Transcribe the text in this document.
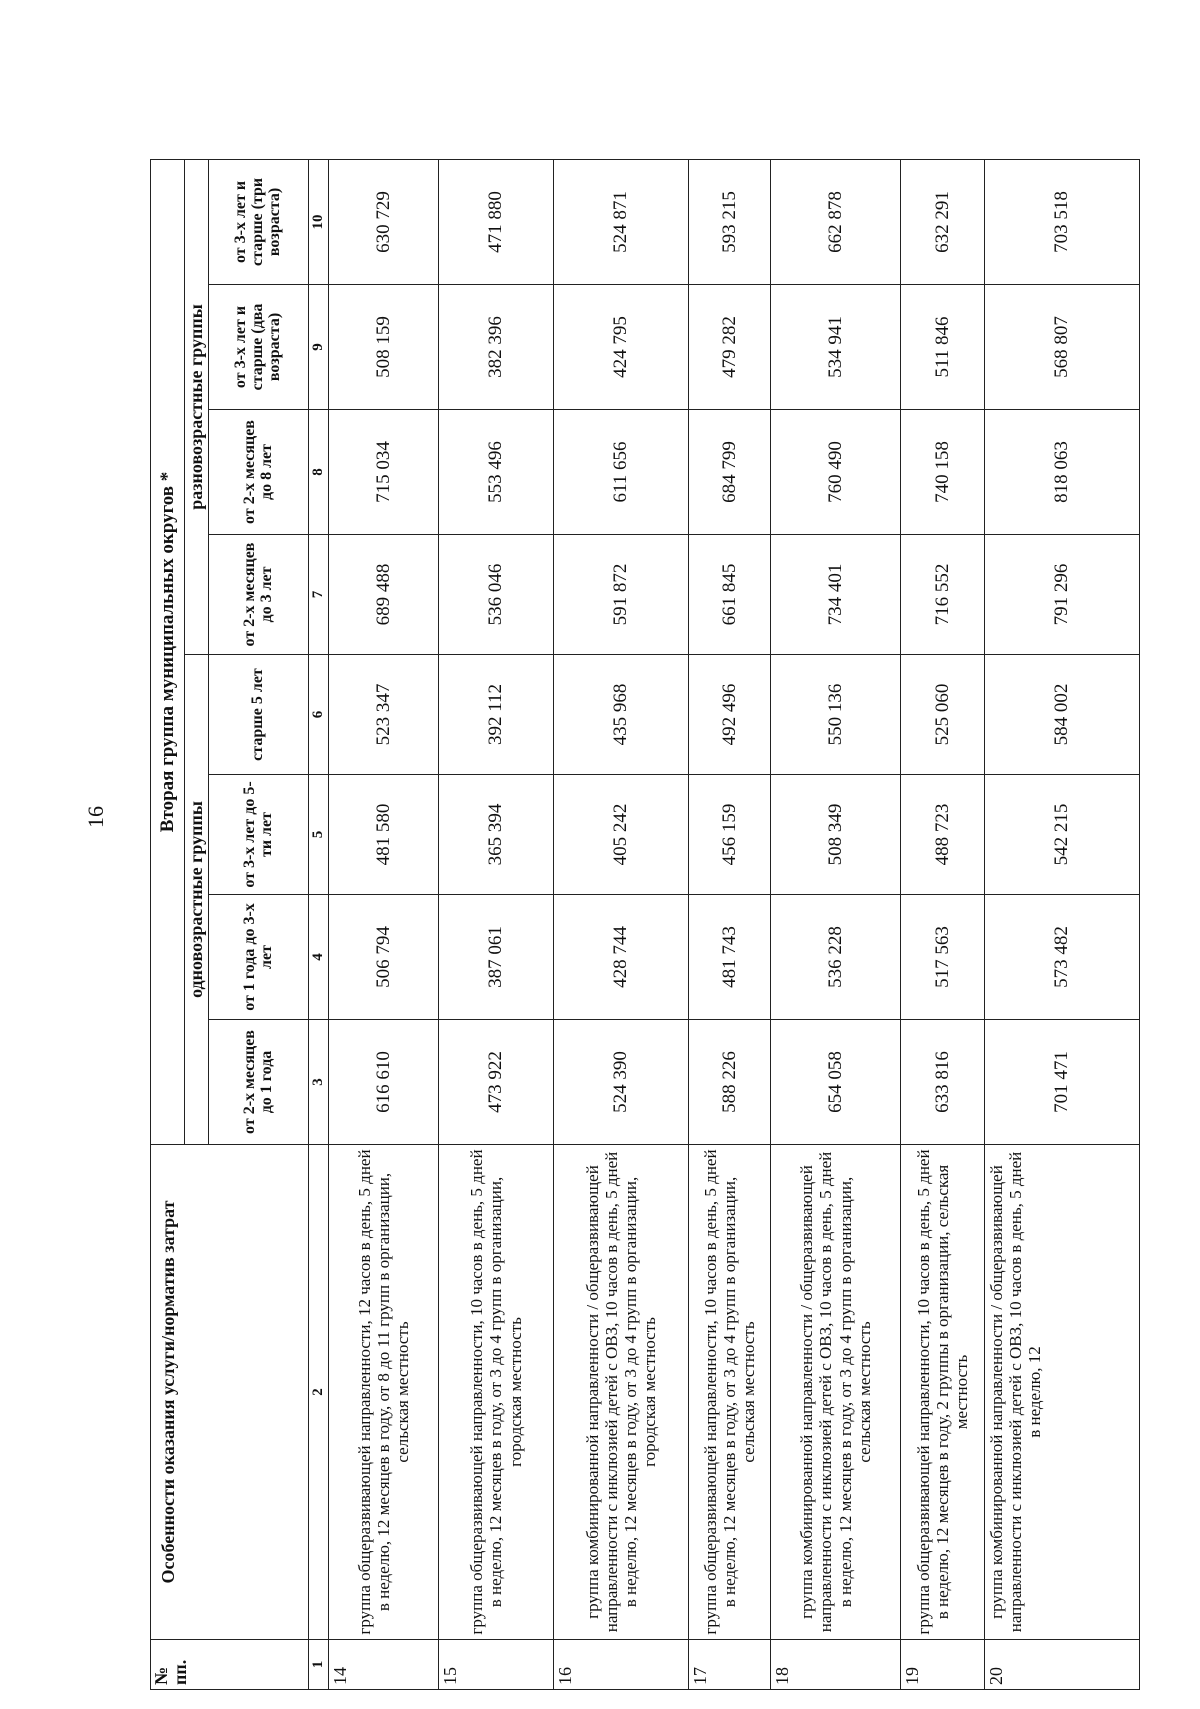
16
№ пп.	Особенности оказания услуги/норматив затрат	Вторая группа муниципальных округов *							
		одновозрастные группы				разновозрастные группы			
		от 2-х месяцев до 1 года	от 1 года до 3-х лет	от 3-х лет до 5-ти лет	старше 5 лет	от 2-х месяцев до 3 лет	от 2-х месяцев до 8 лет	от 3-х лет и старше (два возраста)	от 3-х лет и старше (три возраста)
1	2	3	4	5	6	7	8	9	10
14	группа общеразвивающей направленности, 12 часов в день, 5 дней в неделю, 12 месяцев в году, от 8 до 11 групп в организации, сельская местность	616 610	506 794	481 580	523 347	689 488	715 034	508 159	630 729
15	группа общеразвивающей направленности, 10 часов в день, 5 дней в неделю, 12 месяцев в году, от 3 до 4 групп в организации, городская местность	473 922	387 061	365 394	392 112	536 046	553 496	382 396	471 880
16	группа комбинированной направленности / общеразвивающей направленности с инклюзией детей с ОВЗ, 10 часов в день, 5 дней в неделю, 12 месяцев в году, от 3 до 4 групп в организации, городская местность	524 390	428 744	405 242	435 968	591 872	611 656	424 795	524 871
17	группа общеразвивающей направленности, 10 часов в день, 5 дней в неделю, 12 месяцев в году, от 3 до 4 групп в организации, сельская местность	588 226	481 743	456 159	492 496	661 845	684 799	479 282	593 215
18	группа комбинированной направленности / общеразвивающей направленности с инклюзией детей с ОВЗ, 10 часов в день, 5 дней в неделю, 12 месяцев в году, от 3 до 4 групп в организации, сельская местность	654 058	536 228	508 349	550 136	734 401	760 490	534 941	662 878
19	группа общеразвивающей направленности, 10 часов в день, 5 дней в неделю, 12 месяцев в году, 2 группы в организации, сельская местность	633 816	517 563	488 723	525 060	716 552	740 158	511 846	632 291
20	группа комбинированной направленности / общеразвивающей направленности с инклюзией детей с ОВЗ, 10 часов в день, 5 дней в неделю, 12	701 471	573 482	542 215	584 002	791 296	818 063	568 807	703 518
